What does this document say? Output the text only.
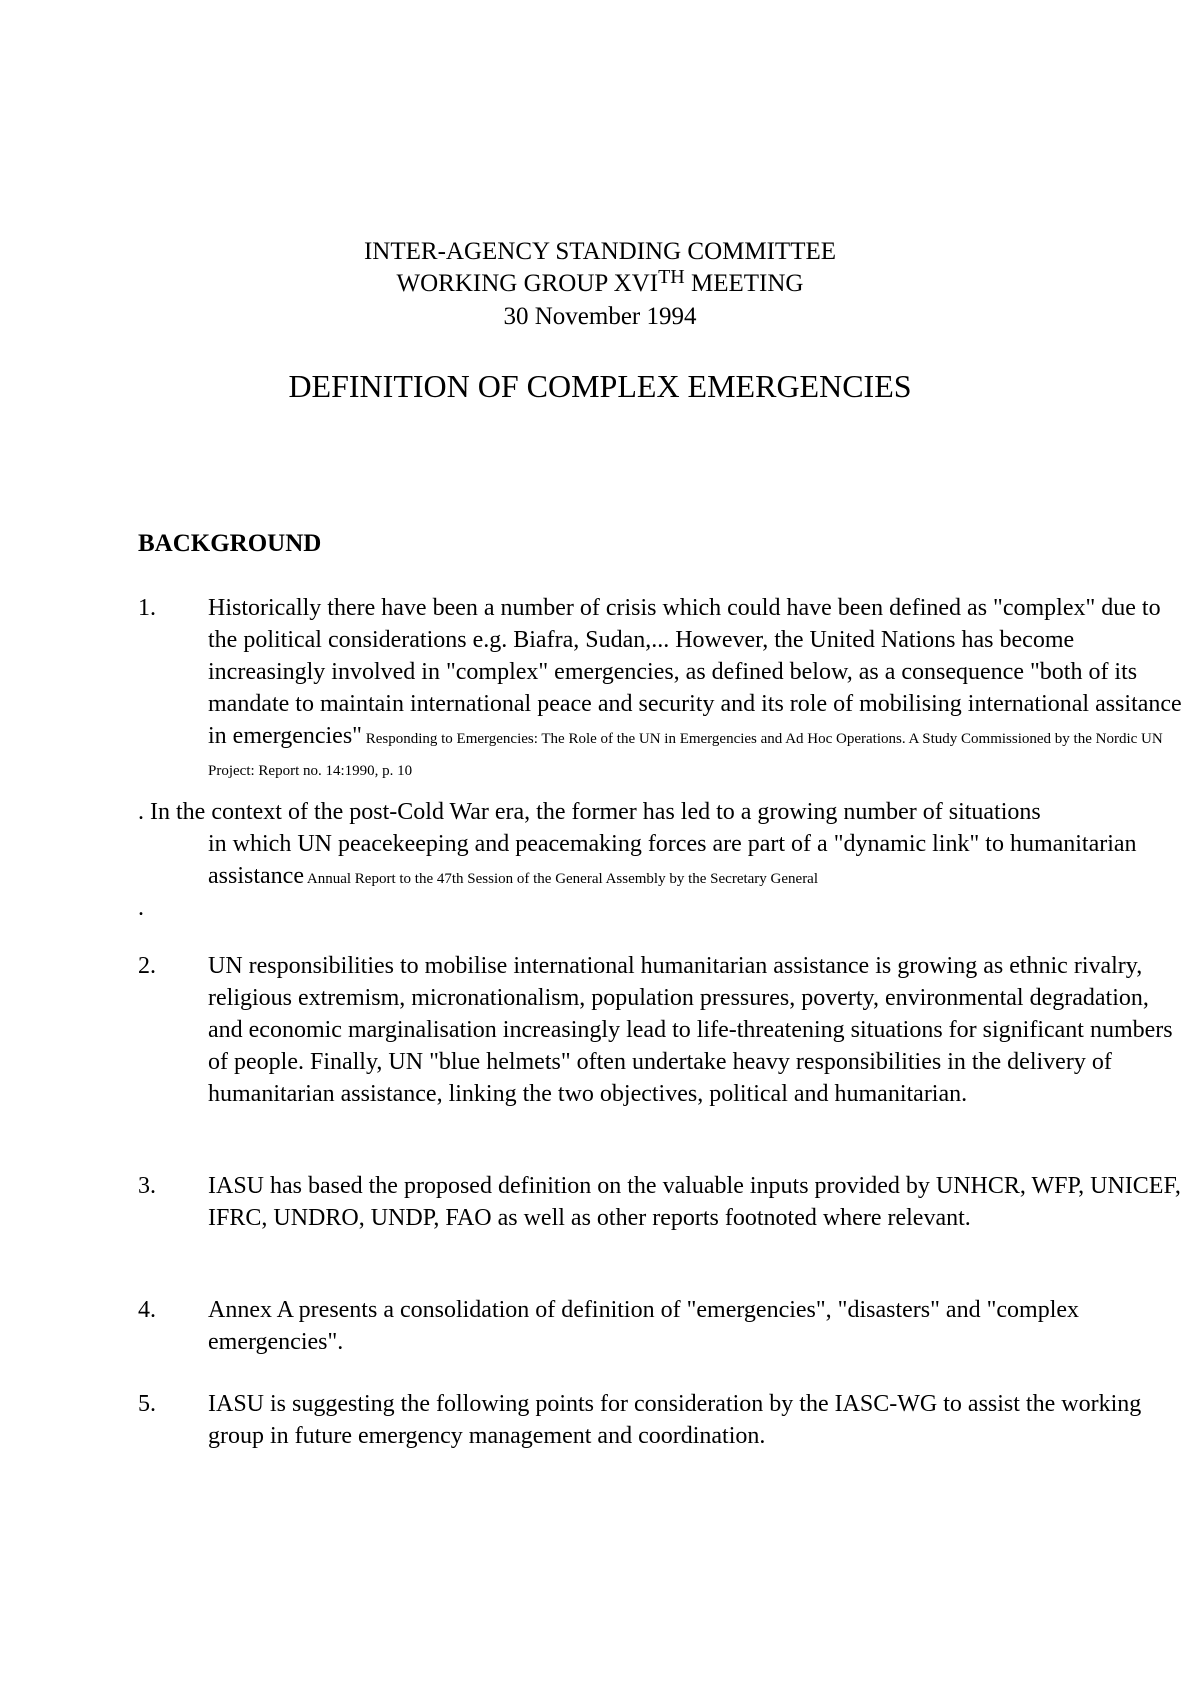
INTER-AGENCY STANDING COMMITTEE
WORKING GROUP XVITH MEETING
30 November 1994
DEFINITION OF COMPLEX EMERGENCIES
BACKGROUND
1. Historically there have been a number of crisis which could have been defined as "complex" due to the political considerations e.g. Biafra, Sudan,... However, the United Nations has become increasingly involved in "complex" emergencies, as defined below, as a consequence "both of its mandate to maintain international peace and security and its role of mobilising international assitance in emergencies" Responding to Emergencies: The Role of the UN in Emergencies and Ad Hoc Operations. A Study Commissioned by the Nordic UN Project: Report no. 14:1990, p. 10
. In the context of the post-Cold War era, the former has led to a growing number of situations
in which UN peacekeeping and peacemaking forces are part of a "dynamic link" to humanitarian assistance Annual Report to the 47th Session of the General Assembly by the Secretary General
.
2. UN responsibilities to mobilise international humanitarian assistance is growing as ethnic rivalry, religious extremism, micronationalism, population pressures, poverty, environmental degradation, and economic marginalisation increasingly lead to life-threatening situations for significant numbers of people. Finally, UN "blue helmets" often undertake heavy responsibilities in the delivery of humanitarian assistance, linking the two objectives, political and humanitarian.
3. IASU has based the proposed definition on the valuable inputs provided by UNHCR, WFP, UNICEF, IFRC, UNDRO, UNDP, FAO as well as other reports footnoted where relevant.
4. Annex A presents a consolidation of definition of "emergencies", "disasters" and "complex emergencies".
5. IASU is suggesting the following points for consideration by the IASC-WG to assist the working group in future emergency management and coordination.
